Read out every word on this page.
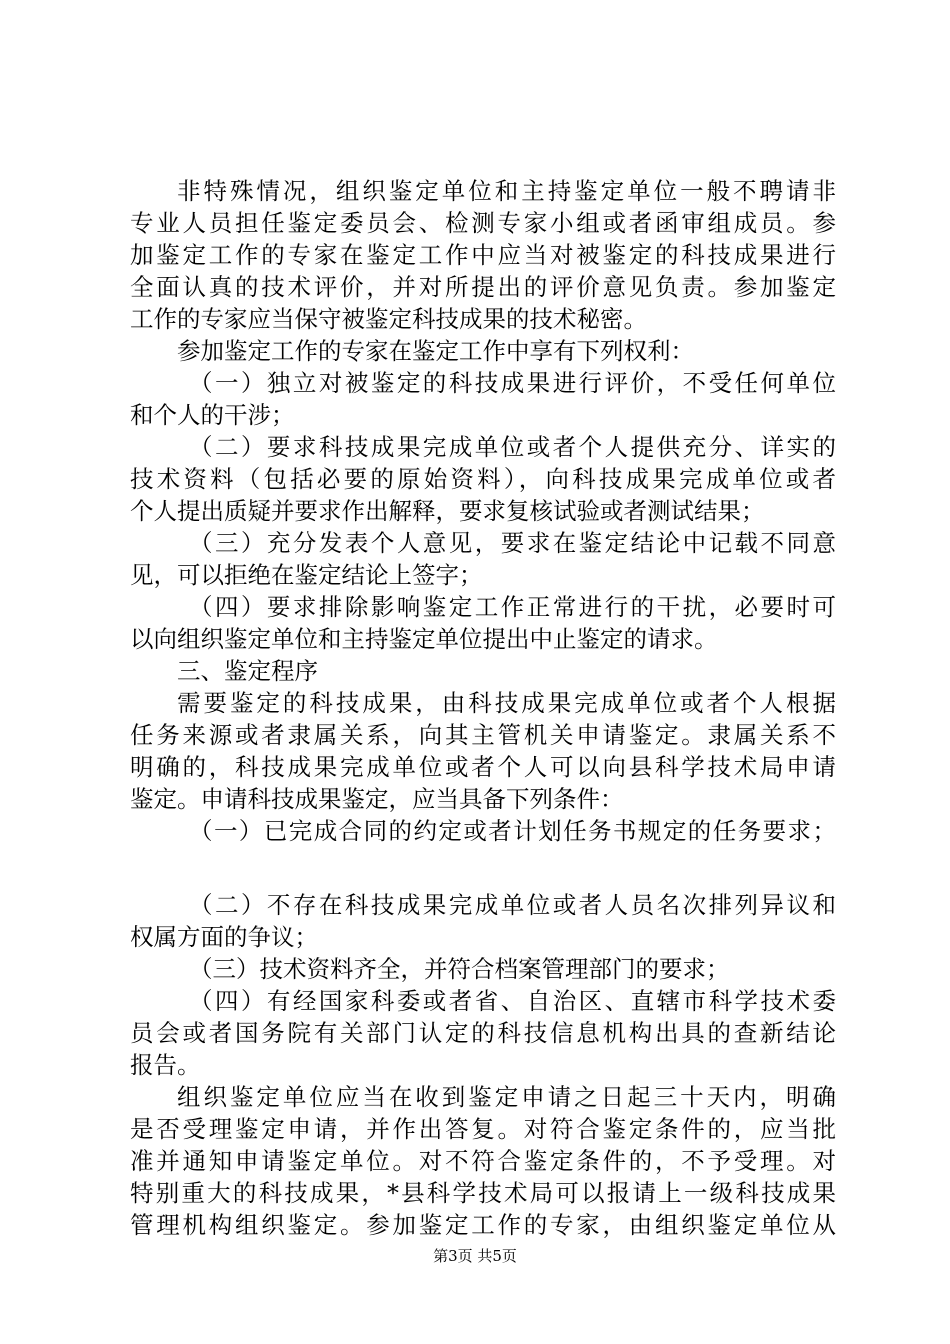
非特殊情况，组织鉴定单位和主持鉴定单位一般不聘请非
专业人员担任鉴定委员会、检测专家小组或者函审组成员。参
加鉴定工作的专家在鉴定工作中应当对被鉴定的科技成果进行
全面认真的技术评价，并对所提出的评价意见负责。参加鉴定
工作的专家应当保守被鉴定科技成果的技术秘密。
参加鉴定工作的专家在鉴定工作中享有下列权利：
（一）独立对被鉴定的科技成果进行评价，不受任何单位
和个人的干涉；
（二）要求科技成果完成单位或者个人提供充分、详实的
技术资料（包括必要的原始资料），向科技成果完成单位或者
个人提出质疑并要求作出解释，要求复核试验或者测试结果；
（三）充分发表个人意见，要求在鉴定结论中记载不同意
见，可以拒绝在鉴定结论上签字；
（四）要求排除影响鉴定工作正常进行的干扰，必要时可
以向组织鉴定单位和主持鉴定单位提出中止鉴定的请求。
三、鉴定程序
需要鉴定的科技成果，由科技成果完成单位或者个人根据
任务来源或者隶属关系，向其主管机关申请鉴定。隶属关系不
明确的，科技成果完成单位或者个人可以向县科学技术局申请
鉴定。申请科技成果鉴定，应当具备下列条件：
（一）已完成合同的约定或者计划任务书规定的任务要求；
（二）不存在科技成果完成单位或者人员名次排列异议和
权属方面的争议；
（三）技术资料齐全，并符合档案管理部门的要求；
（四）有经国家科委或者省、自治区、直辖市科学技术委
员会或者国务院有关部门认定的科技信息机构出具的查新结论
报告。
组织鉴定单位应当在收到鉴定申请之日起三十天内，明确
是否受理鉴定申请，并作出答复。对符合鉴定条件的，应当批
准并通知申请鉴定单位。对不符合鉴定条件的，不予受理。对
特别重大的科技成果，*县科学技术局可以报请上一级科技成果
管理机构组织鉴定。参加鉴定工作的专家，由组织鉴定单位从
第3页 共5页
